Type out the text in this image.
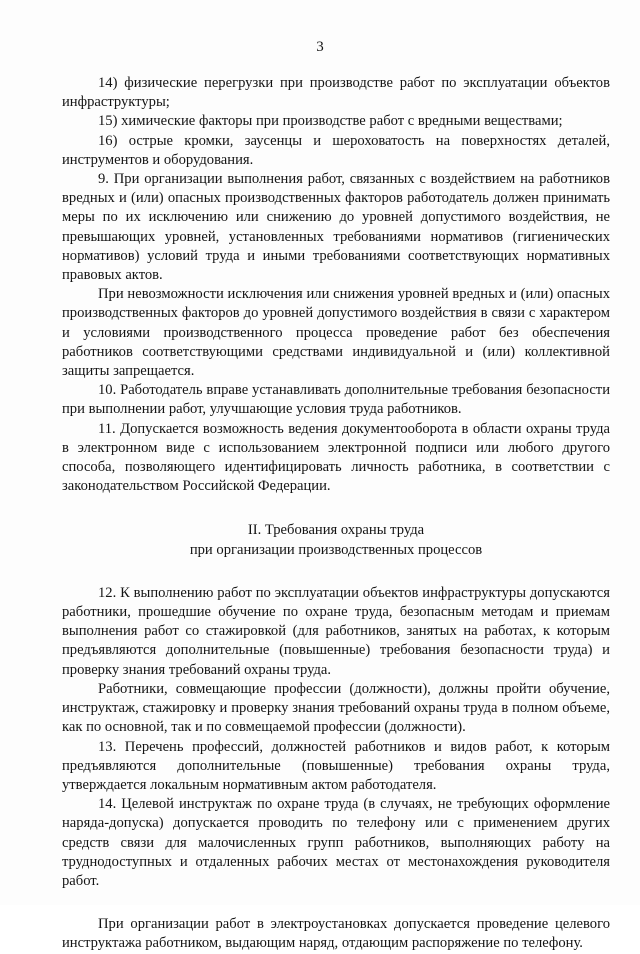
3

14) физические перегрузки при производстве работ по эксплуатации объектов инфраструктуры;

15) химические факторы при производстве работ с вредными веществами;

16) острые кромки, заусенцы и шероховатость на поверхностях деталей, инструментов и оборудования.

9. При организации выполнения работ, связанных с воздействием на работников вредных и (или) опасных производственных факторов работодатель должен принимать меры по их исключению или снижению до уровней допустимого воздействия, не превышающих уровней, установленных требованиями нормативов (гигиенических нормативов) условий труда и иными требованиями соответствующих нормативных правовых актов.

При невозможности исключения или снижения уровней вредных и (или) опасных производственных факторов до уровней допустимого воздействия в связи с характером и условиями производственного процесса проведение работ без обеспечения работников соответствующими средствами индивидуальной и (или) коллективной защиты запрещается.

10. Работодатель вправе устанавливать дополнительные требования безопасности при выполнении работ, улучшающие условия труда работников.

11. Допускается возможность ведения документооборота в области охраны труда в электронном виде с использованием электронной подписи или любого другого способа, позволяющего идентифицировать личность работника, в соответствии с законодательством Российской Федерации.

II. Требования охраны труда

при организации производственных процессов

12. К выполнению работ по эксплуатации объектов инфраструктуры допускаются работники, прошедшие обучение по охране труда, безопасным методам и приемам выполнения работ со стажировкой (для работников, занятых на работах, к которым предъявляются дополнительные (повышенные) требования безопасности труда) и проверку знания требований охраны труда.

Работники, совмещающие профессии (должности), должны пройти обучение, инструктаж, стажировку и проверку знания требований охраны труда в полном объеме, как по основной, так и по совмещаемой профессии (должности).

13. Перечень профессий, должностей работников и видов работ, к которым предъявляются дополнительные (повышенные) требования охраны труда, утверждается локальным нормативным актом работодателя.

14. Целевой инструктаж по охране труда (в случаях, не требующих оформление наряда-допуска) допускается проводить по телефону или с применением других средств связи для малочисленных групп работников, выполняющих работу на труднодоступных и отдаленных рабочих местах от местонахождения руководителя работ.

При организации работ в электроустановках допускается проведение целевого инструктажа работником, выдающим наряд, отдающим распоряжение по телефону.
